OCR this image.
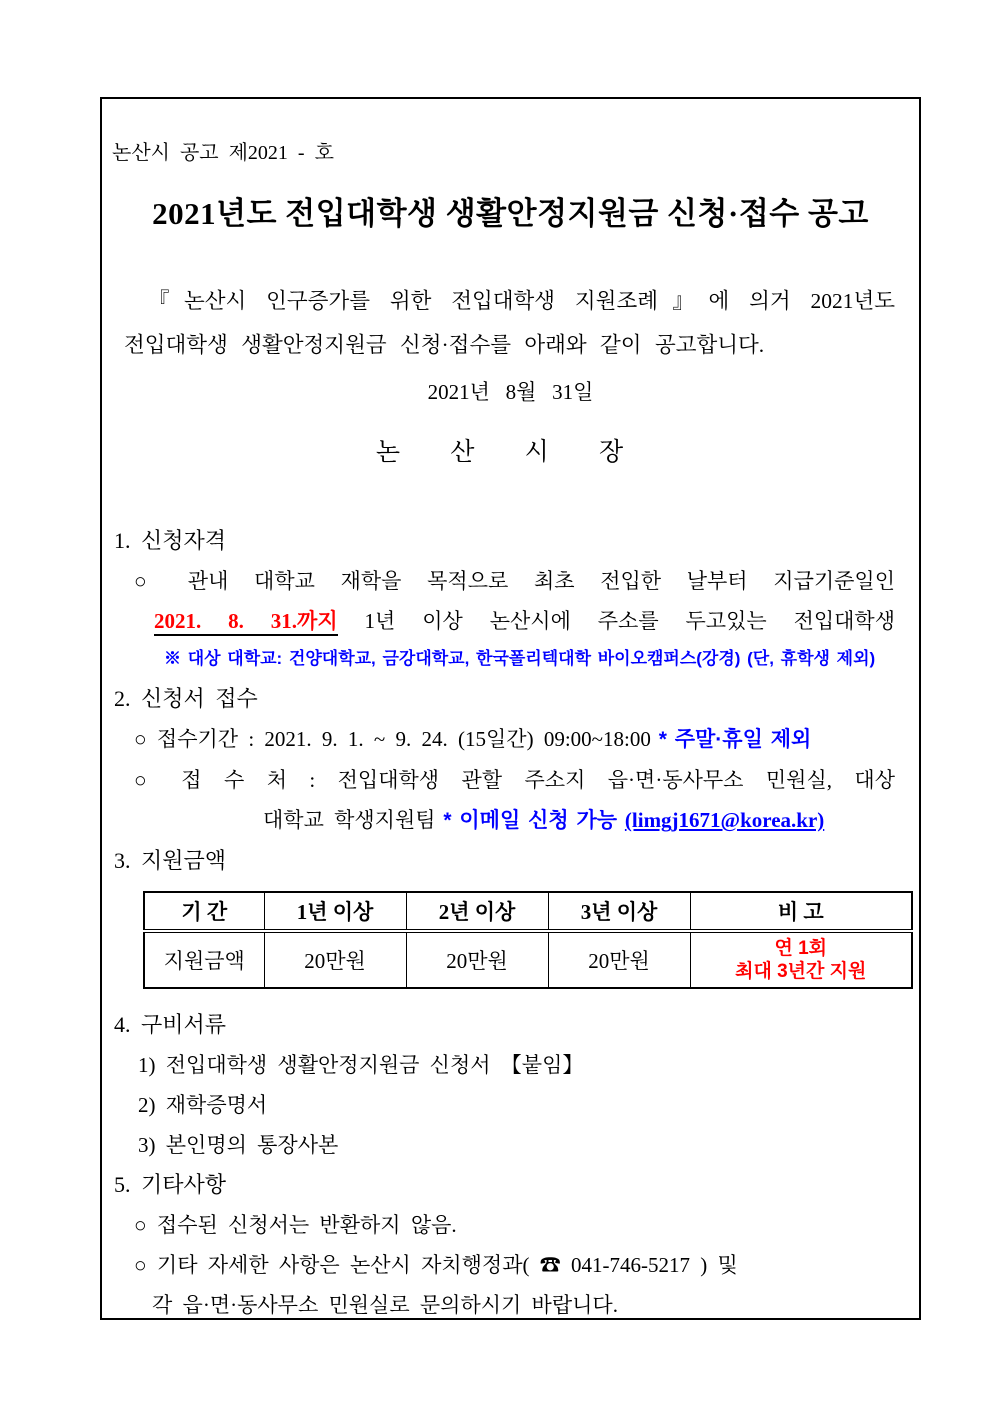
논산시 공고 제2021 - 호
2021년도 전입대학생 생활안정지원금 신청·접수 공고
『논산시 인구증가를 위한 전입대학생 지원조례』에 의거 2021년도
전입대학생 생활안정지원금 신청·접수를 아래와 같이 공고합니다.
2021년   8월   31일
논 산 시 장
1. 신청자격
○ 관내 대학교 재학을 목적으로 최초 전입한 날부터 지급기준일인
2021. 8. 31.까지 1년 이상 논산시에 주소를 두고있는 전입대학생
※ 대상 대학교: 건양대학교, 금강대학교, 한국폴리텍대학 바이오캠퍼스(강경) (단, 휴학생 제외)
2. 신청서 접수
○ 접수기간 : 2021. 9. 1. ~ 9. 24. (15일간) 09:00~18:00 * 주말·휴일 제외
○ 접 수 처 : 전입대학생 관할 주소지 읍·면·동사무소 민원실, 대상
대학교 학생지원팀 * 이메일 신청 가능 (limgj1671@korea.kr)
3. 지원금액
기 간	1년 이상	2년 이상	3년 이상	비 고
지원금액	20만원	20만원	20만원	연 1회
최대 3년간 지원
4. 구비서류
1) 전입대학생 생활안정지원금 신청서 【붙임】
2) 재학증명서
3) 본인명의 통장사본
5. 기타사항
○ 접수된 신청서는 반환하지 않음.
○ 기타 자세한 사항은 논산시 자치행정과( ☎ 041-746-5217 ) 및
각 읍·면·동사무소 민원실로 문의하시기 바랍니다.
